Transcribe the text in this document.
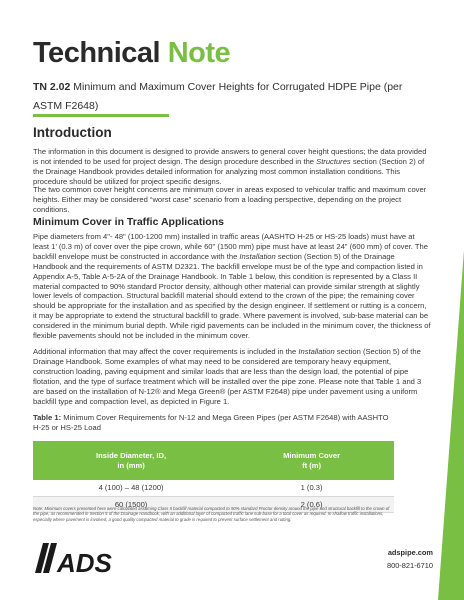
Technical Note
TN 2.02 Minimum and Maximum Cover Heights for Corrugated HDPE Pipe (per ASTM F2648)
Introduction

The information in this document is designed to provide answers to general cover height questions; the data provided is not intended to be used for project design. The design procedure described in the Structures section (Section 2) of the Drainage Handbook provides detailed information for analyzing most common installation conditions. This procedure should be utilized for project specific designs.

The two common cover height concerns are minimum cover in areas exposed to vehicular traffic and maximum cover heights. Either may be considered “worst case” scenario from a loading perspective, depending on the project conditions.

Minimum Cover in Traffic Applications

Pipe diameters from 4"- 48" (100-1200 mm) installed in traffic areas (AASHTO H-25 or HS-25 loads) must have at least 1’ (0.3 m) of cover over the pipe crown, while 60" (1500 mm) pipe must have at least 24" (600 mm) of cover. The backfill envelope must be constructed in accordance with the Installation section (Section 5) of the Drainage Handbook and the requirements of ASTM D2321. The backfill envelope must be of the type and compaction listed in Appendix A-5, Table A-5-2A of the Drainage Handbook. In Table 1 below, this condition is represented by a Class II material compacted to 90% standard Proctor density, although other material can provide similar strength at slightly lower levels of compaction. Structural backfill material should extend to the crown of the pipe; the remaining cover should be appropriate for the installation and as specified by the design engineer. If settlement or rutting is a concern, it may be appropriate to extend the structural backfill to grade. Where pavement is involved, sub-base material can be considered in the minimum burial depth. While rigid pavements can be included in the minimum cover, the thickness of flexible pavements should not be included in the minimum cover.

Additional information that may affect the cover requirements is included in the Installation section (Section 5) of the Drainage Handbook. Some examples of what may need to be considered are temporary heavy equipment, construction loading, paving equipment and similar loads that are less than the design load, the potential of pipe flotation, and the type of surface treatment which will be installed over the pipe zone. Please note that Table 1 and 3 are based on the installation of N-12® and Mega Green® (per ASTM F2648) pipe under pavement using a uniform backfill type and compaction level, as depicted in Figure 1.

Table 1: Minimum Cover Requirements for N-12 and Mega Green Pipes (per ASTM F2648) with AASHTO H-25 or HS-25 Load

Inside Diameter, ID,
in (mm)	Minimum Cover
ft (m)
4 (100) – 48 (1200)	1 (0.3)
60 (1500)	2 (0.6)

Note: Minimum covers presented here were calculated assuming Class II backfill material compacted to 90% standard Proctor density around the pipe and structural backfill to the crown of the pipe, as recommended in Section 5 of the Drainage Handbook, with an additional layer of compacted traffic lane sub-base for a total cover as required. In shallow traffic installations, especially where pavement is involved, a good quality compacted material to grade is required to prevent surface settlement and rutting.

ADS	adspipe.com
800-821-6710
